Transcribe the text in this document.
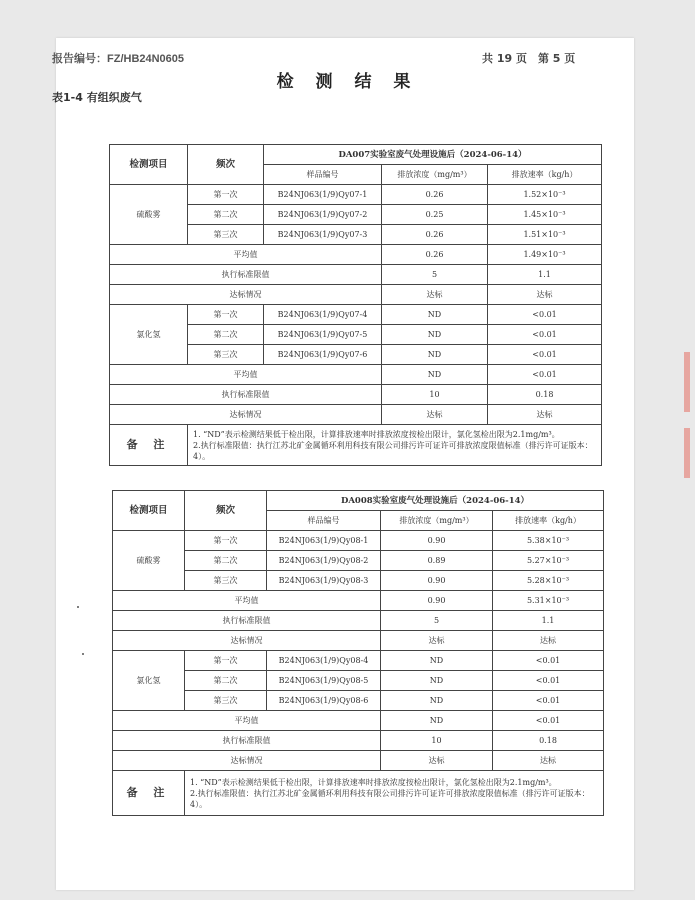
报告编号：FZ/HB24N0605	共 19 页　第 5 页
检 测 结 果
表1-4 有组织废气
检测项目	频次	DA007实验室废气处理设施后（2024-06-14）		
		样品编号	排放浓度（mg/m³）	排放速率（kg/h）
硫酸雾	第一次	B24NJ063(1/9)Qy07-1	0.26	1.52×10⁻³
	第二次	B24NJ063(1/9)Qy07-2	0.25	1.45×10⁻³
	第三次	B24NJ063(1/9)Qy07-3	0.26	1.51×10⁻³
平均值			0.26	1.49×10⁻³
执行标准限值			5	1.1
达标情况			达标	达标
氯化氢	第一次	B24NJ063(1/9)Qy07-4	ND	<0.01
	第二次	B24NJ063(1/9)Qy07-5	ND	<0.01
	第三次	B24NJ063(1/9)Qy07-6	ND	<0.01
平均值			ND	<0.01
执行标准限值			10	0.18
达标情况			达标	达标
备 注	1. “ND”表示检测结果低于检出限，计算排放速率时排放浓度按检出限计，氯化氢检出限为2.1mg/m³。

2.执行标准限值：执行江苏北矿金属循环利用科技有限公司排污许可证许可排放浓度限值标准（排污许可证版本：4）。			

检测项目	频次	DA008实验室废气处理设施后（2024-06-14）		
		样品编号	排放浓度（mg/m³）	排放速率（kg/h）
硫酸雾	第一次	B24NJ063(1/9)Qy08-1	0.90	5.38×10⁻³
	第二次	B24NJ063(1/9)Qy08-2	0.89	5.27×10⁻³
	第三次	B24NJ063(1/9)Qy08-3	0.90	5.28×10⁻³
平均值			0.90	5.31×10⁻³
执行标准限值			5	1.1
达标情况			达标	达标
氯化氢	第一次	B24NJ063(1/9)Qy08-4	ND	<0.01
	第二次	B24NJ063(1/9)Qy08-5	ND	<0.01
	第三次	B24NJ063(1/9)Qy08-6	ND	<0.01
平均值			ND	<0.01
执行标准限值			10	0.18
达标情况			达标	达标
备 注	1. “ND”表示检测结果低于检出限，计算排放速率时排放浓度按检出限计，氯化氢检出限为2.1mg/m³。

2.执行标准限值：执行江苏北矿金属循环利用科技有限公司排污许可证许可排放浓度限值标准（排污许可证版本：4）。			
